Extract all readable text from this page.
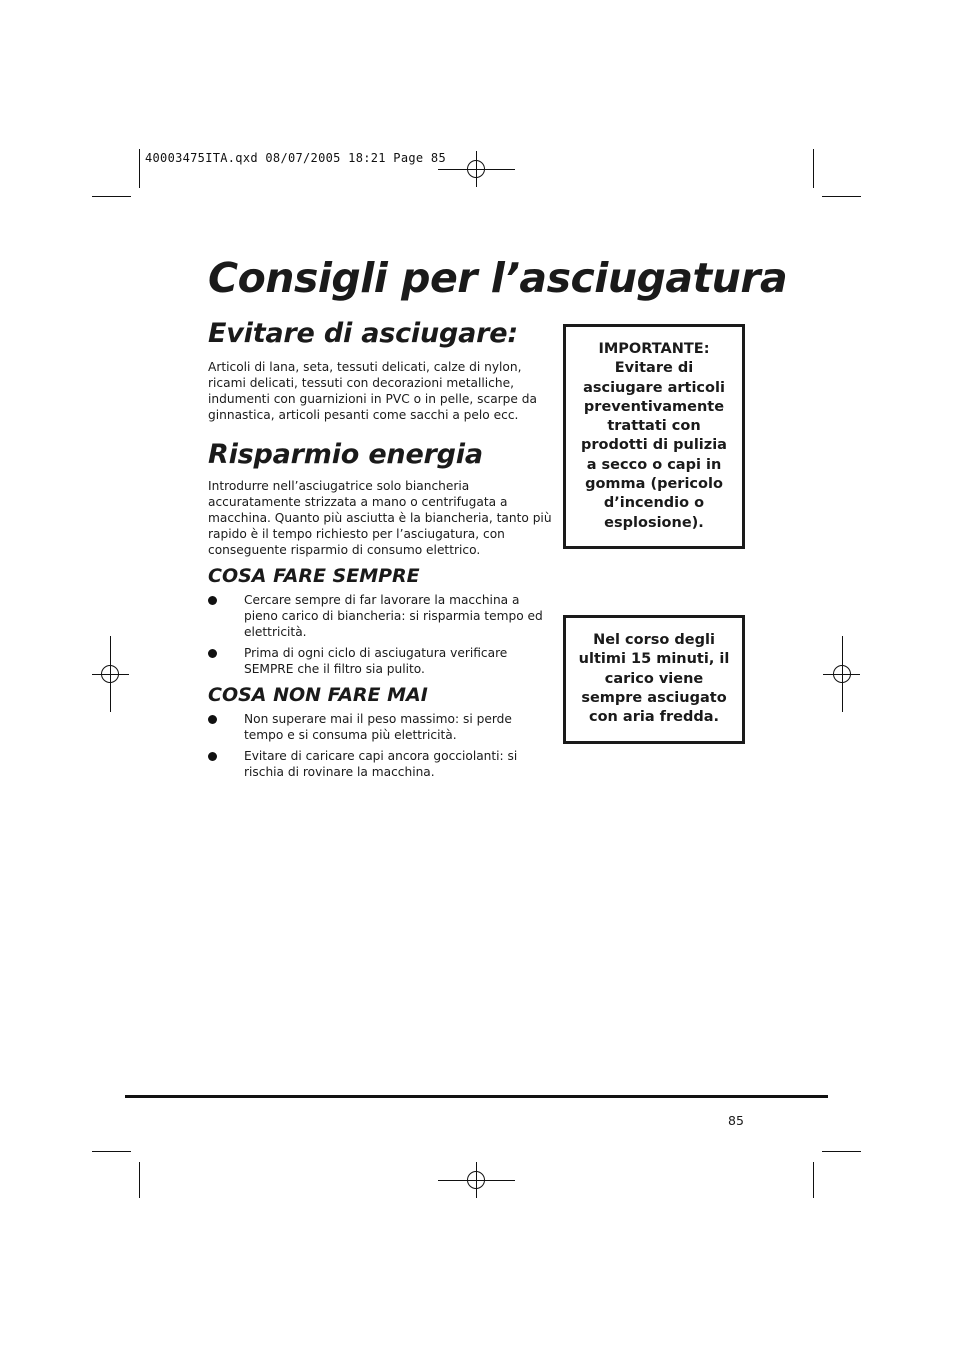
40003475ITA.qxd 08/07/2005 18:21 Page 85
Consigli per l’asciugatura
Evitare di asciugare:

Articoli di lana, seta, tessuti delicati, calze di nylon, ricami delicati, tessuti con decorazioni metalliche, indumenti con guarnizioni in PVC o in pelle, scarpe da ginnastica, articoli pesanti come sacchi a pelo ecc.

Risparmio energia

Introdurre nell’asciugatrice solo biancheria accuratamente strizzata a mano o centrifugata a macchina. Quanto più asciutta è la biancheria, tanto più rapido è il tempo richiesto per l’asciugatura, con conseguente risparmio di consumo elettrico.

COSA FARE SEMPRE
Cercare sempre di far lavorare la macchina a pieno carico di biancheria: si risparmia tempo ed elettricità.
Prima di ogni ciclo di asciugatura verificare SEMPRE che il filtro sia pulito.
COSA NON FARE MAI
Non superare mai il peso massimo: si perde tempo e si consuma più elettricità.
Evitare di caricare capi ancora gocciolanti: si rischia di rovinare la macchina.
IMPORTANTE:
Evitare di asciugare articoli preventivamente trattati con prodotti di pulizia a secco o capi in gomma (pericolo d’incendio o esplosione).
Nel corso degli ultimi 15 minuti, il carico viene sempre asciugato con aria fredda.
85
